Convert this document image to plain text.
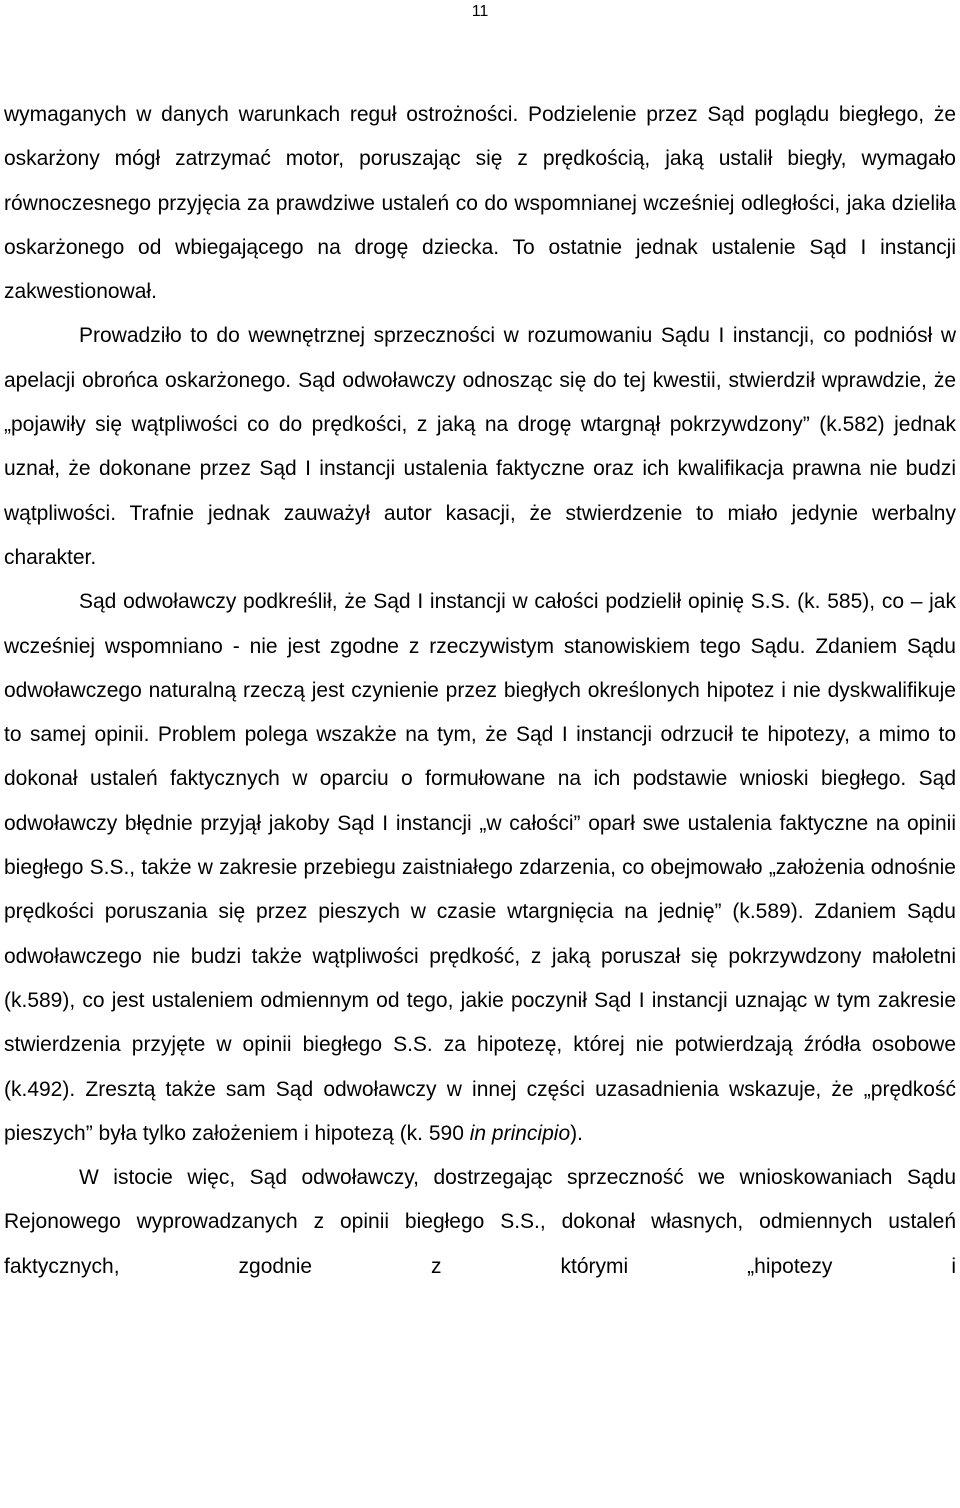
11

wymaganych w danych warunkach reguł ostrożności. Podzielenie przez Sąd poglądu biegłego, że oskarżony mógł zatrzymać motor, poruszając się z prędkością, jaką ustalił biegły, wymagało równoczesnego przyjęcia za prawdziwe ustaleń co do wspomnianej wcześniej odległości, jaka dzieliła oskarżonego od wbiegającego na drogę dziecka. To ostatnie jednak ustalenie Sąd I instancji zakwestionował.

Prowadziło to do wewnętrznej sprzeczności w rozumowaniu Sądu I instancji, co podniósł w apelacji obrońca oskarżonego. Sąd odwoławczy odnosząc się do tej kwestii, stwierdził wprawdzie, że „pojawiły się wątpliwości co do prędkości, z jaką na drogę wtargnął pokrzywdzony” (k.582) jednak uznał, że dokonane przez Sąd I instancji ustalenia faktyczne oraz ich kwalifikacja prawna nie budzi wątpliwości. Trafnie jednak zauważył autor kasacji, że stwierdzenie to miało jedynie werbalny charakter.

Sąd odwoławczy podkreślił, że Sąd I instancji w całości podzielił opinię S.S. (k. 585), co – jak wcześniej wspomniano - nie jest zgodne z rzeczywistym stanowiskiem tego Sądu. Zdaniem Sądu odwoławczego naturalną rzeczą jest czynienie przez biegłych określonych hipotez i nie dyskwalifikuje to samej opinii. Problem polega wszakże na tym, że Sąd I instancji odrzucił te hipotezy, a mimo to dokonał ustaleń faktycznych w oparciu o formułowane na ich podstawie wnioski biegłego. Sąd odwoławczy błędnie przyjął jakoby Sąd I instancji „w całości” oparł swe ustalenia faktyczne na opinii biegłego S.S., także w zakresie przebiegu zaistniałego zdarzenia, co obejmowało „założenia odnośnie prędkości poruszania się przez pieszych w czasie wtargnięcia na jednię” (k.589). Zdaniem Sądu odwoławczego nie budzi także wątpliwości prędkość, z jaką poruszał się pokrzywdzony małoletni (k.589), co jest ustaleniem odmiennym od tego, jakie poczynił Sąd I instancji uznając w tym zakresie stwierdzenia przyjęte w opinii biegłego S.S. za hipotezę, której nie potwierdzają źródła osobowe (k.492). Zresztą także sam Sąd odwoławczy w innej części uzasadnienia wskazuje, że „prędkość pieszych” była tylko założeniem i hipotezą (k. 590 in principio).

W istocie więc, Sąd odwoławczy, dostrzegając sprzeczność we wnioskowaniach Sądu Rejonowego wyprowadzanych z opinii biegłego S.S., dokonał własnych, odmiennych ustaleń faktycznych, zgodnie z którymi „hipotezy i
